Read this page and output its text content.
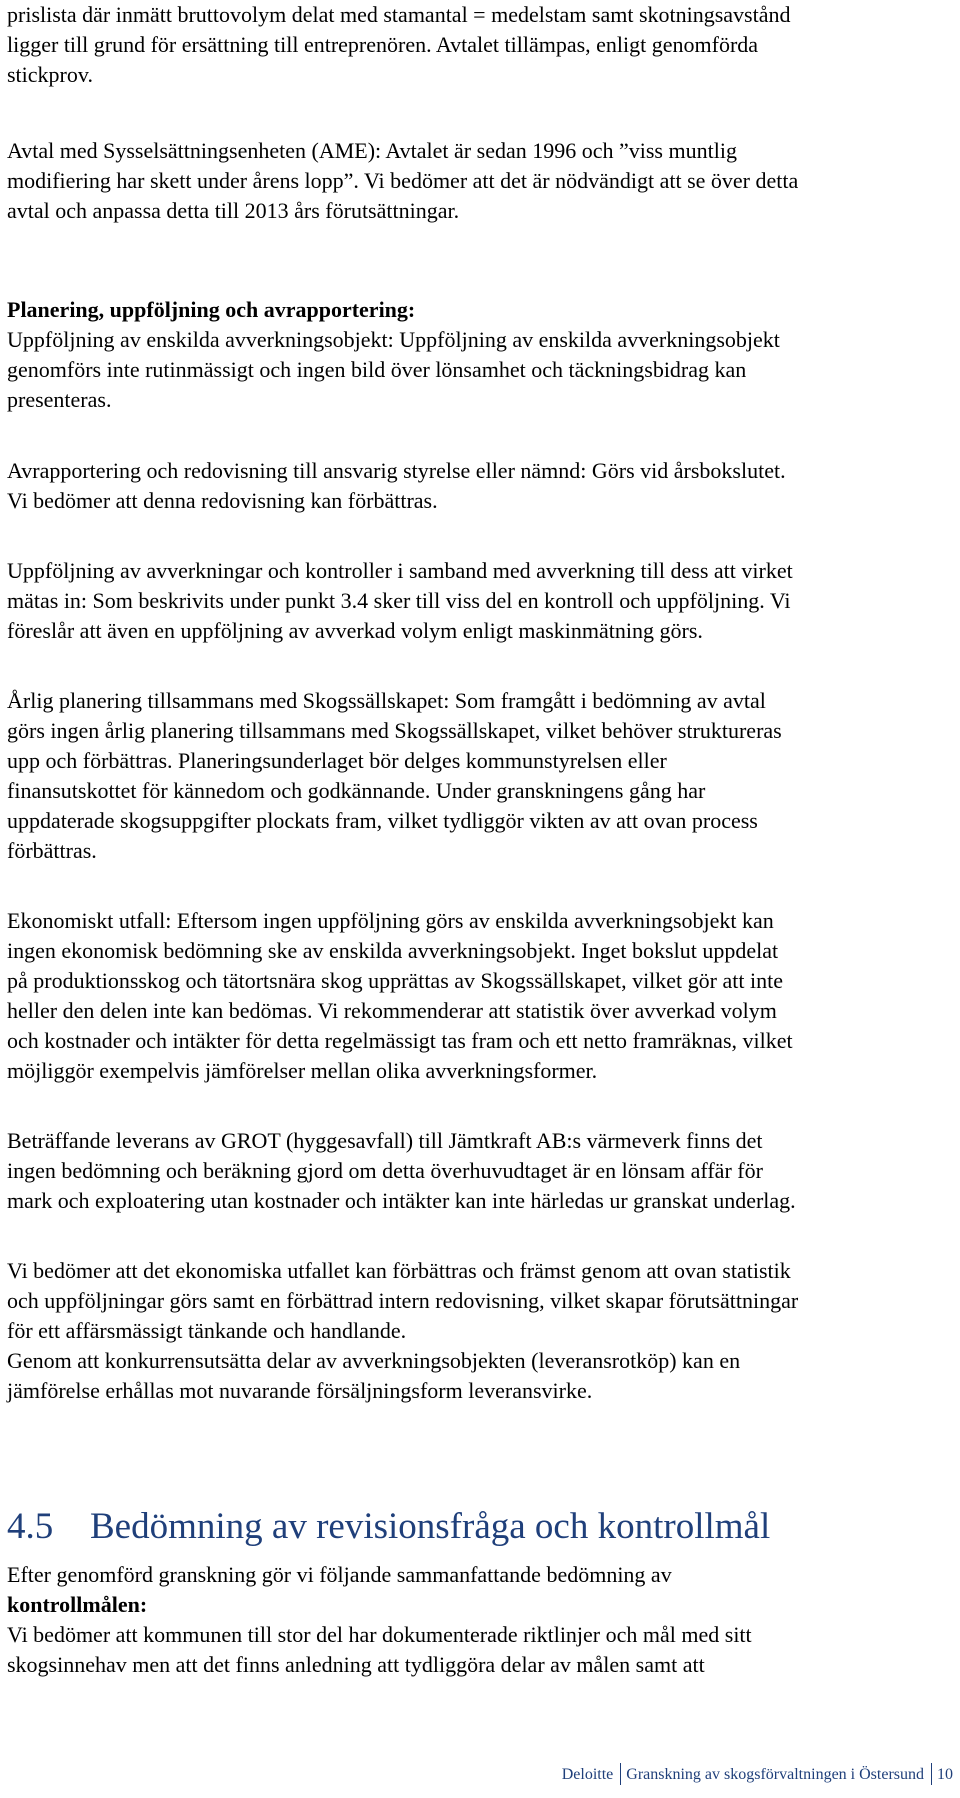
prislista där inmätt bruttovolym delat med stamantal = medelstam samt skotningsavstånd
ligger till grund för ersättning till entreprenören. Avtalet tillämpas, enligt genomförda
stickprov.
Avtal med Sysselsättningsenheten (AME): Avtalet är sedan 1996 och ”viss muntlig
modifiering har skett under årens lopp”. Vi bedömer att det är nödvändigt att se över detta
avtal och anpassa detta till 2013 års förutsättningar.
Planering, uppföljning och avrapportering:
Uppföljning av enskilda avverkningsobjekt: Uppföljning av enskilda avverkningsobjekt
genomförs inte rutinmässigt och ingen bild över lönsamhet och täckningsbidrag kan
presenteras.
Avrapportering och redovisning till ansvarig styrelse eller nämnd: Görs vid årsbokslutet.
Vi bedömer att denna redovisning kan förbättras.
Uppföljning av avverkningar och kontroller i samband med avverkning till dess att virket
mätas in: Som beskrivits under punkt 3.4 sker till viss del en kontroll och uppföljning. Vi
föreslår att även en uppföljning av avverkad volym enligt maskinmätning görs.
Årlig planering tillsammans med Skogssällskapet: Som framgått i bedömning av avtal
görs ingen årlig planering tillsammans med Skogssällskapet, vilket behöver struktureras
upp och förbättras. Planeringsunderlaget bör delges kommunstyrelsen eller
finansutskottet för kännedom och godkännande. Under granskningens gång har
uppdaterade skogsuppgifter plockats fram, vilket tydliggör vikten av att ovan process
förbättras.
Ekonomiskt utfall: Eftersom ingen uppföljning görs av enskilda avverkningsobjekt kan
ingen ekonomisk bedömning ske av enskilda avverkningsobjekt. Inget bokslut uppdelat
på produktionsskog och tätortsnära skog upprättas av Skogssällskapet, vilket gör att inte
heller den delen inte kan bedömas. Vi rekommenderar att statistik över avverkad volym
och kostnader och intäkter för detta regelmässigt tas fram och ett netto framräknas, vilket
möjliggör exempelvis jämförelser mellan olika avverkningsformer.
Beträffande leverans av GROT (hyggesavfall) till Jämtkraft AB:s värmeverk finns det
ingen bedömning och beräkning gjord om detta överhuvudtaget är en lönsam affär för
mark och exploatering utan kostnader och intäkter kan inte härledas ur granskat underlag.
Vi bedömer att det ekonomiska utfallet kan förbättras och främst genom att ovan statistik
och uppföljningar görs samt en förbättrad intern redovisning, vilket skapar förutsättningar
för ett affärsmässigt tänkande och handlande.
Genom att konkurrensutsätta delar av avverkningsobjekten (leveransrotköp) kan en
jämförelse erhållas mot nuvarande försäljningsform leveransvirke.
4.5 Bedömning av revisionsfråga och kontrollmål
Efter genomförd granskning gör vi följande sammanfattande bedömning av
kontrollmålen:
Vi bedömer att kommunen till stor del har dokumenterade riktlinjer och mål med sitt
skogsinnehav men att det finns anledning att tydliggöra delar av målen samt att
Deloitte Granskning av skogsförvaltningen i Östersund 10
